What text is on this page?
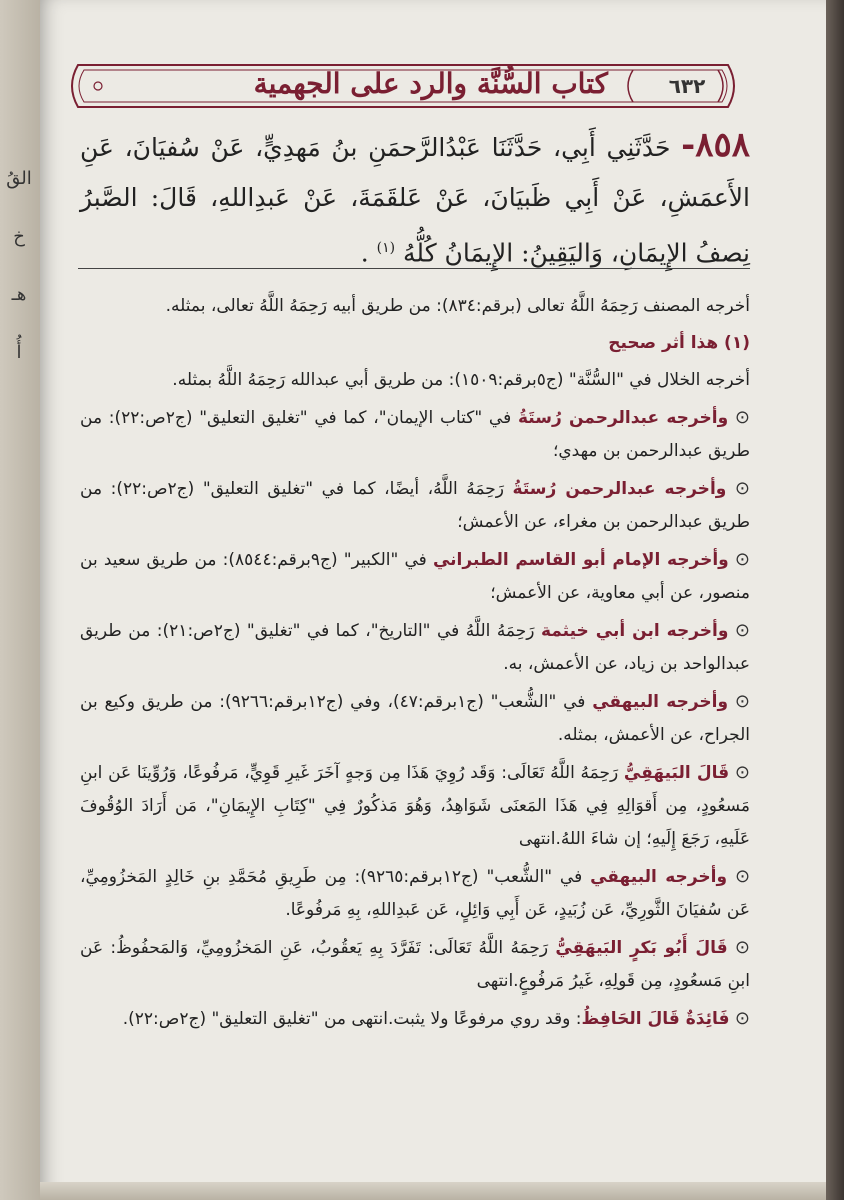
القُ
خ
هـ
أُ
كتاب السُّنَّة والرد على الجهمية	٦٣٢
٨٥٨- حَدَّثَنِي أَبِي، حَدَّثَنَا عَبْدُالرَّحمَنِ بنُ مَهدِيٍّ، عَنْ سُفيَانَ، عَنِ الأَعمَشِ، عَنْ أَبِي ظَبيَانَ، عَنْ عَلقَمَةَ، عَنْ عَبدِاللهِ، قَالَ: الصَّبرُ نِصفُ الإِيمَانِ، وَاليَقِينُ: الإِيمَانُ كُلُّهُ $^{(١)}$ .

أخرجه المصنف رَحِمَهُ اللَّهُ تعالى (برقم:٨٣٤): من طريق أبيه رَحِمَهُ اللَّهُ تعالى، بمثله.

(١) هذا أثر صحيح

أخرجه الخلال في "السُّنَّة" (ج٥برقم:١٥٠٩): من طريق أبي عبدالله رَحِمَهُ اللَّهُ بمثله.

⊙ وأخرجه عبدالرحمن رُستَةُ في "كتاب الإيمان"، كما في "تغليق التعليق" (ج٢ص:٢٢): من طريق عبدالرحمن بن مهدي؛

⊙ وأخرجه عبدالرحمن رُستَةُ رَحِمَهُ اللَّهُ، أيضًا، كما في "تغليق التعليق" (ج٢ص:٢٢): من طريق عبدالرحمن بن مغراء، عن الأعمش؛

⊙ وأخرجه الإمام أبو القاسم الطبراني في "الكبير" (ج٩برقم:٨٥٤٤): من طريق سعيد بن منصور، عن أبي معاوية، عن الأعمش؛

⊙ وأخرجه ابن أبي خيثمة رَحِمَهُ اللَّهُ في "التاريخ"، كما في "تغليق" (ج٢ص:٢١): من طريق عبدالواحد بن زياد، عن الأعمش، به.

⊙ وأخرجه البيهقي في "الشُّعب" (ج١برقم:٤٧)، وفي (ج١٢برقم:٩٢٦٦): من طريق وكيع بن الجراح، عن الأعمش، بمثله.

⊙ قَالَ البَيهَقِيُّ رَحِمَهُ اللَّهُ تَعَالَى: وَقَد رُوِيَ هَذَا مِن وَجهٍ آخَرَ غَيرِ قَوِيٍّ، مَرفُوعًا، وَرُوِّينَا عَن ابنِ مَسعُودٍ، مِن أَقوَالِهِ فِي هَذَا المَعنَى شَوَاهِدُ، وَهُوَ مَذكُورٌ فِي "كِتَابِ الإِيمَانِ"، مَن أَرَادَ الوُقُوفَ عَلَيهِ، رَجَعَ إِلَيهِ؛ إن شاءَ اللهُ.انتهى

⊙ وأخرجه البيهقي في "الشُّعب" (ج١٢برقم:٩٢٦٥): مِن طَرِيقِ مُحَمَّدِ بنِ خَالِدٍ المَخزُومِيِّ، عَن سُفيَانَ الثَّورِيِّ، عَن زُبَيدٍ، عَن أَبِي وَائِلٍ، عَن عَبدِاللهِ، بِهِ مَرفُوعًا.

⊙ قَالَ أَبُو بَكرٍ البَيهَقِيُّ رَحِمَهُ اللَّهُ تَعَالَى: تَفَرَّدَ بِهِ يَعقُوبُ، عَنِ المَخزُومِيِّ، وَالمَحفُوظُ: عَن ابنِ مَسعُودٍ، مِن قَولِهِ، غَيرُ مَرفُوعٍ.انتهى

⊙ فَائِدَةٌ قَالَ الحَافِظُ: وقد روي مرفوعًا ولا يثبت.انتهى من "تغليق التعليق" (ج٢ص:٢٢).
